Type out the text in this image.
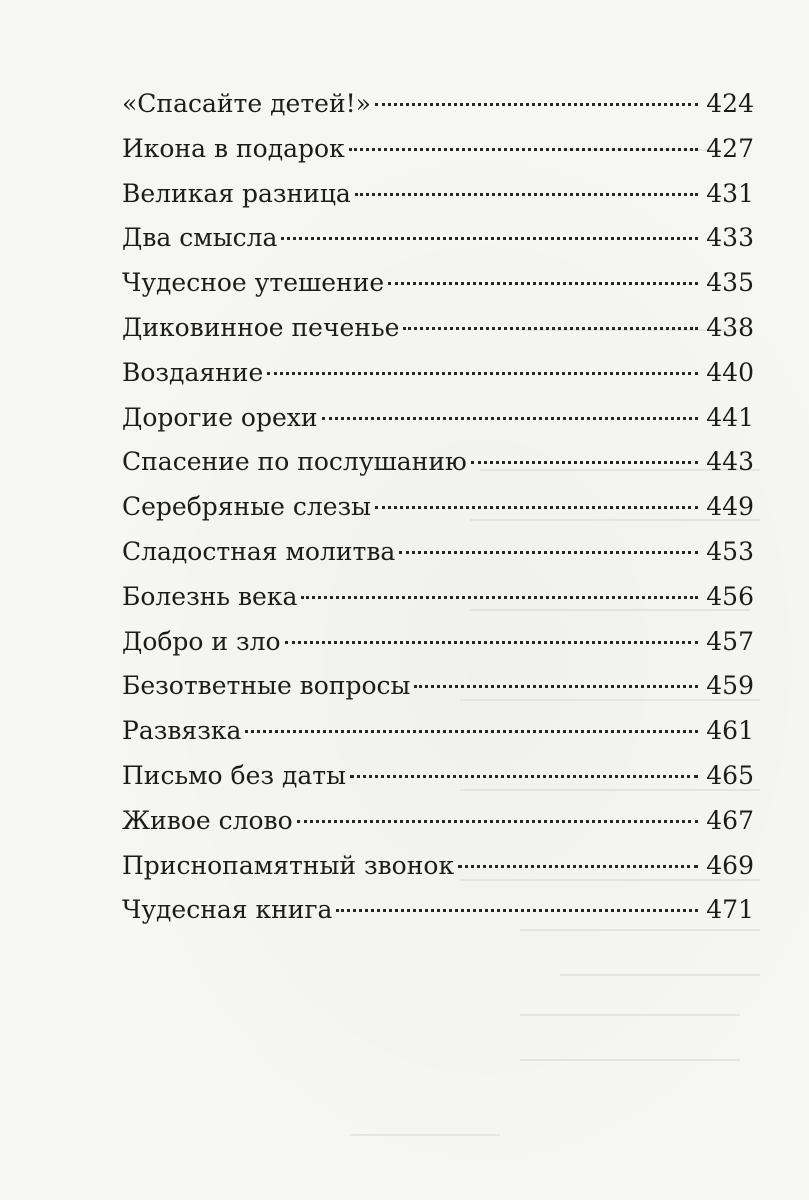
«Спасайте детей!»	424
Икона в подарок	427
Великая разница	431
Два смысла	433
Чудесное утешение	435
Диковинное печенье	438
Воздаяние	440
Дорогие орехи	441
Спасение по послушанию	443
Серебряные слезы	449
Сладостная молитва	453
Болезнь века	456
Добро и зло	457
Безответные вопросы	459
Развязка	461
Письмо без даты	465
Живое слово	467
Приснопамятный звонок	469
Чудесная книга	471
